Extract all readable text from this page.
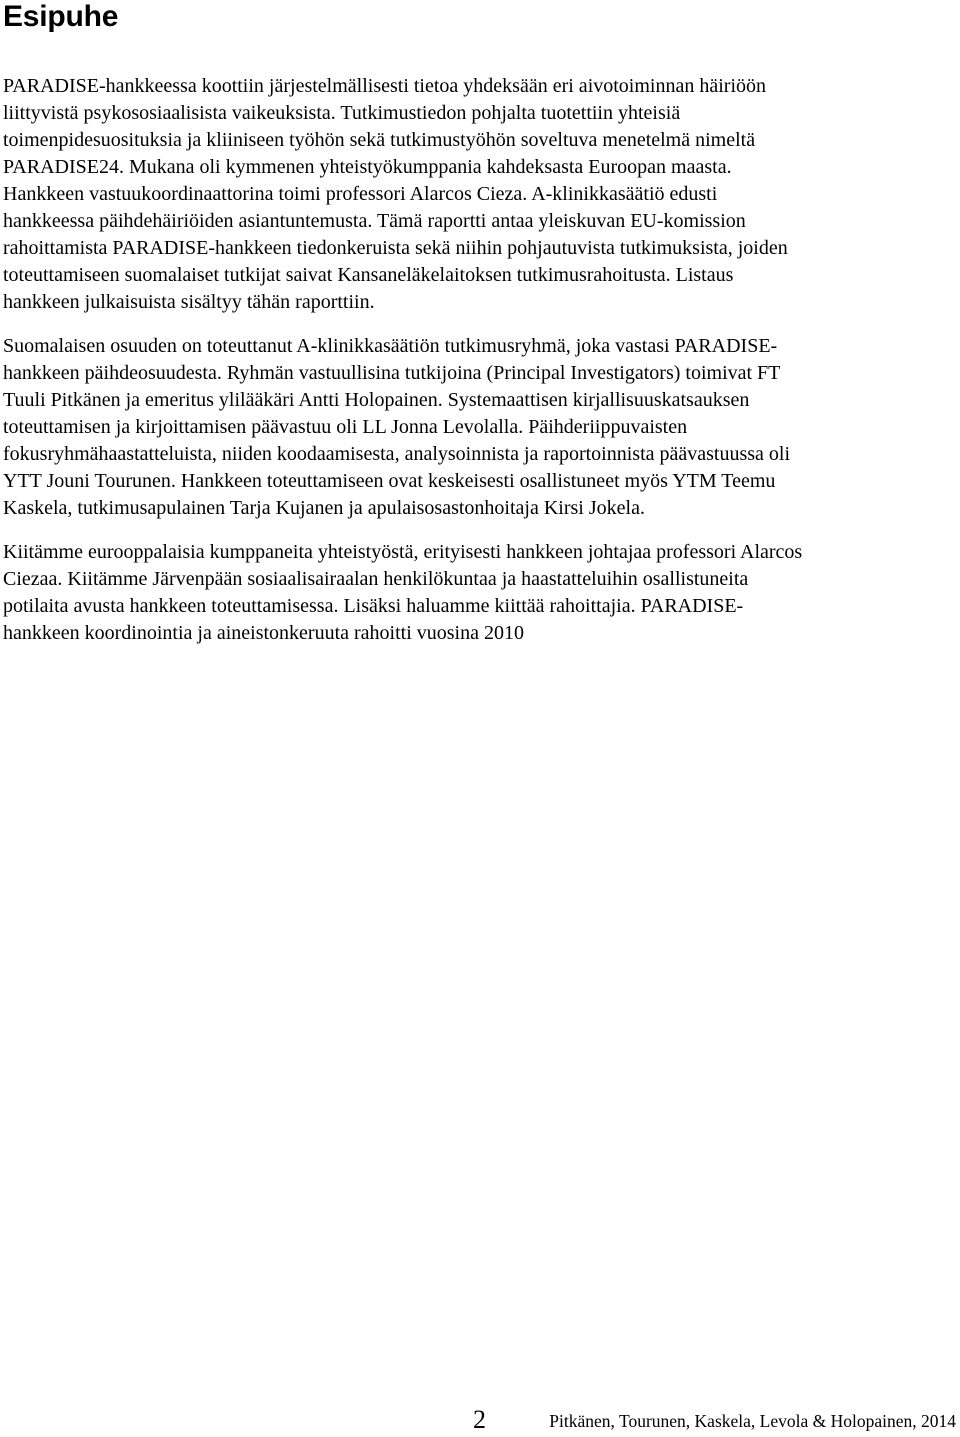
Esipuhe
PARADISE-hankkeessa koottiin järjestelmällisesti tietoa yhdeksään eri aivotoiminnan häiriöön
liittyvistä psykososiaalisista vaikeuksista. Tutkimustiedon pohjalta tuotettiin yhteisiä
toimenpidesuosituksia ja kliiniseen työhön sekä tutkimustyöhön soveltuva menetelmä nimeltä
PARADISE24. Mukana oli kymmenen yhteistyökumppania kahdeksasta Euroopan maasta.
Hankkeen vastuukoordinaattorina toimi professori Alarcos Cieza. A-klinikkasäätiö edusti
hankkeessa päihdehäiriöiden asiantuntemusta. Tämä raportti antaa yleiskuvan EU-komission
rahoittamista PARADISE-hankkeen tiedonkeruista sekä niihin pohjautuvista tutkimuksista, joiden
toteuttamiseen suomalaiset tutkijat saivat Kansaneläkelaitoksen tutkimusrahoitusta. Listaus
hankkeen julkaisuista sisältyy tähän raporttiin.
Suomalaisen osuuden on toteuttanut A-klinikkasäätiön tutkimusryhmä, joka vastasi PARADISE-
hankkeen päihdeosuudesta. Ryhmän vastuullisina tutkijoina (Principal Investigators) toimivat FT
Tuuli Pitkänen ja emeritus ylilääkäri Antti Holopainen. Systemaattisen kirjallisuuskatsauksen
toteuttamisen ja kirjoittamisen päävastuu oli LL Jonna Levolalla. Päihderiippuvaisten
fokusryhmähaastatteluista, niiden koodaamisesta, analysoinnista ja raportoinnista päävastuussa oli
YTT Jouni Tourunen. Hankkeen toteuttamiseen ovat keskeisesti osallistuneet myös YTM Teemu
Kaskela, tutkimusapulainen Tarja Kujanen ja apulaisosastonhoitaja Kirsi Jokela.
Kiitämme eurooppalaisia kumppaneita yhteistyöstä, erityisesti hankkeen johtajaa professori Alarcos
Ciezaa. Kiitämme Järvenpään sosiaalisairaalan henkilökuntaa ja haastatteluihin osallistuneita
potilaita avusta hankkeen toteuttamisessa. Lisäksi haluamme kiittää rahoittajia. PARADISE-
hankkeen koordinointia ja aineistonkeruuta rahoitti vuosina 2010
2	Pitkänen, Tourunen, Kaskela, Levola & Holopainen, 2014
